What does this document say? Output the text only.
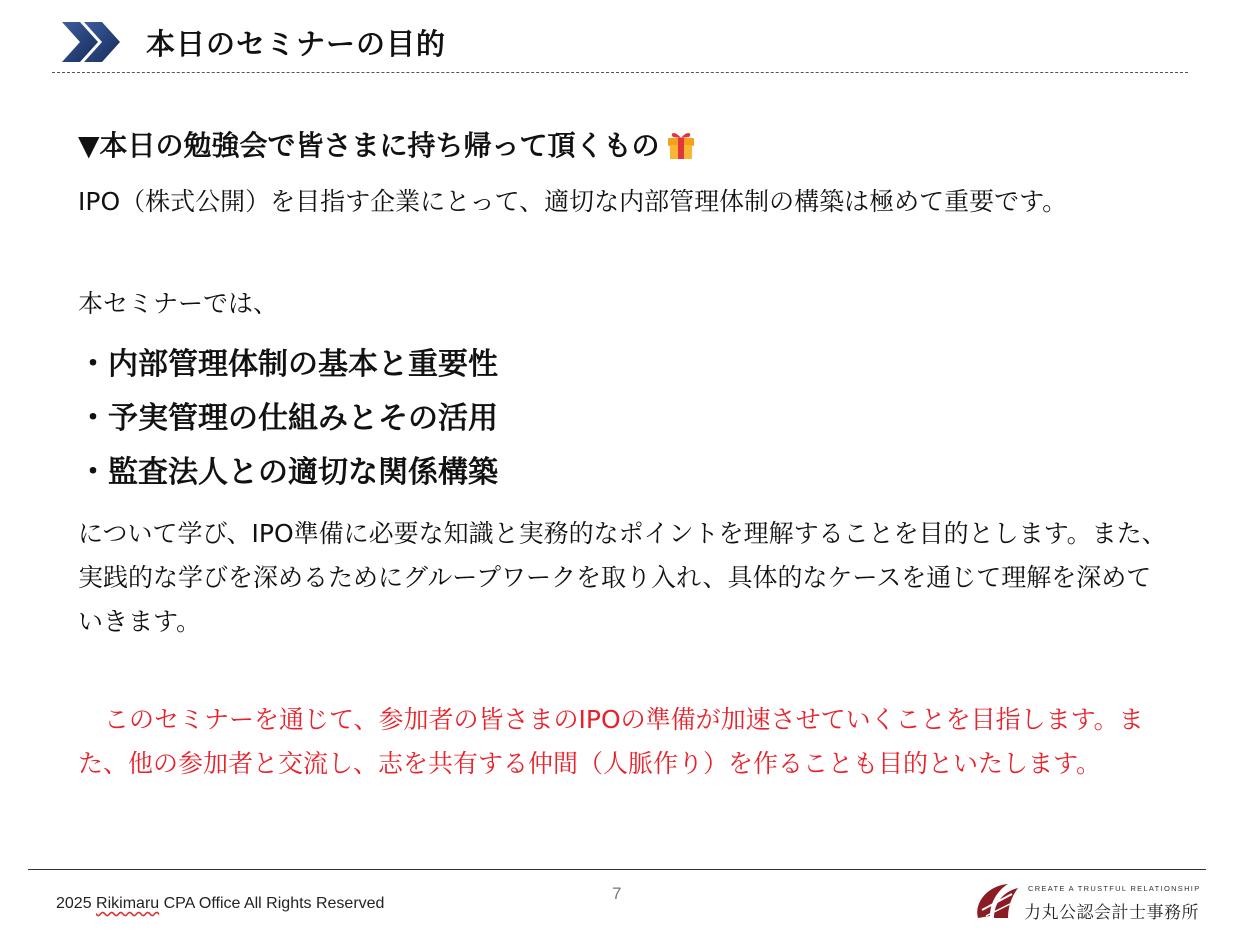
本日のセミナーの目的
▼本日の勉強会で皆さまに持ち帰って頂くもの
IPO（株式公開）を目指す企業にとって、適切な内部管理体制の構築は極めて重要です。
本セミナーでは、
・内部管理体制の基本と重要性
・予実管理の仕組みとその活用
・監査法人との適切な関係構築
について学び、IPO準備に必要な知識と実務的なポイントを理解することを目的とします。また、実践的な学びを深めるためにグループワークを取り入れ、具体的なケースを通じて理解を深めていきます。
このセミナーを通じて、参加者の皆さまのIPOの準備が加速させていくことを目指します。また、他の参加者と交流し、志を共有する仲間（人脈作り）を作ることも目的といたします。
2025 Rikimaru CPA Office All Rights Reserved
7	CREATE A TRUSTFUL RELATIONSHIP
力丸公認会計士事務所
